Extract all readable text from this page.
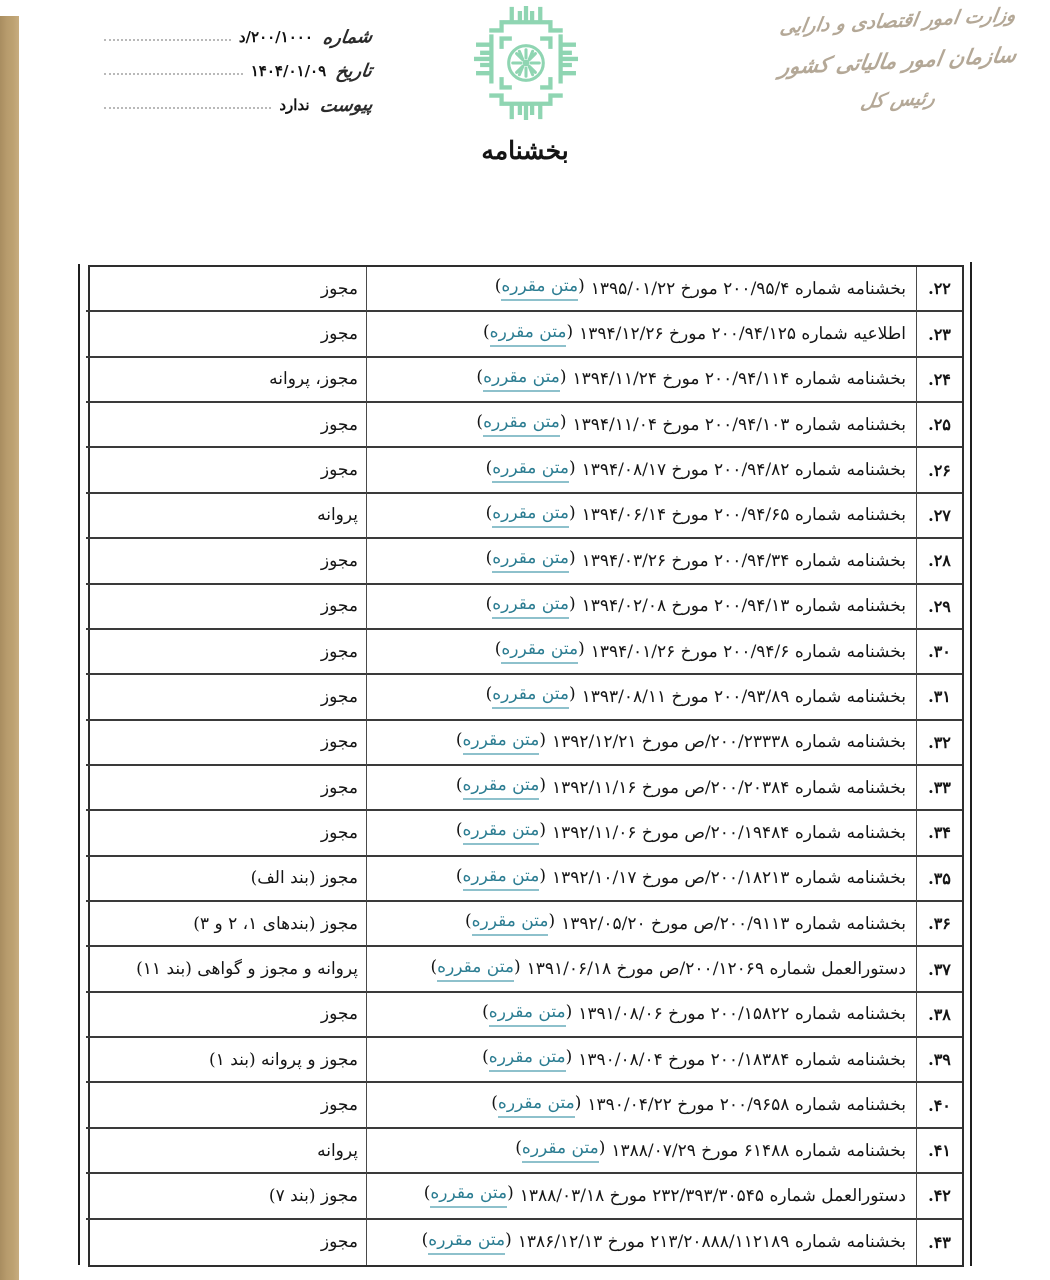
وزارت امور اقتصادی و دارایی
سازمان امور مالیاتی کشور
رئیس کل
شماره
۲۰۰/۱۰۰۰/د
تاریخ
۱۴۰۴/۰۱/۰۹
پیوست
ندارد
بخشنامه
۲۲.
بخشنامه شماره ۲۰۰/۹۵/۴ مورخ ۱۳۹۵/۰۱/۲۲
(
متن مقرره
)
مجوز
۲۳.
اطلاعیه شماره ۲۰۰/۹۴/۱۲۵ مورخ ۱۳۹۴/۱۲/۲۶
(
متن مقرره
)
مجوز
۲۴.
بخشنامه شماره ۲۰۰/۹۴/۱۱۴ مورخ ۱۳۹۴/۱۱/۲۴
(
متن مقرره
)
مجوز، پروانه
۲۵.
بخشنامه شماره ۲۰۰/۹۴/۱۰۳ مورخ ۱۳۹۴/۱۱/۰۴
(
متن مقرره
)
مجوز
۲۶.
بخشنامه شماره ۲۰۰/۹۴/۸۲ مورخ ۱۳۹۴/۰۸/۱۷
(
متن مقرره
)
مجوز
۲۷.
بخشنامه شماره ۲۰۰/۹۴/۶۵ مورخ ۱۳۹۴/۰۶/۱۴
(
متن مقرره
)
پروانه
۲۸.
بخشنامه شماره ۲۰۰/۹۴/۳۴ مورخ ۱۳۹۴/۰۳/۲۶
(
متن مقرره
)
مجوز
۲۹.
بخشنامه شماره ۲۰۰/۹۴/۱۳ مورخ ۱۳۹۴/۰۲/۰۸
(
متن مقرره
)
مجوز
۳۰.
بخشنامه شماره ۲۰۰/۹۴/۶ مورخ ۱۳۹۴/۰۱/۲۶
(
متن مقرره
)
مجوز
۳۱.
بخشنامه شماره ۲۰۰/۹۳/۸۹ مورخ ۱۳۹۳/۰۸/۱۱
(
متن مقرره
)
مجوز
۳۲.
بخشنامه شماره ۲۰۰/۲۳۳۳۸/ص مورخ ۱۳۹۲/۱۲/۲۱
(
متن مقرره
)
مجوز
۳۳.
بخشنامه شماره ۲۰۰/۲۰۳۸۴/ص مورخ ۱۳۹۲/۱۱/۱۶
(
متن مقرره
)
مجوز
۳۴.
بخشنامه شماره ۲۰۰/۱۹۴۸۴/ص مورخ ۱۳۹۲/۱۱/۰۶
(
متن مقرره
)
مجوز
۳۵.
بخشنامه شماره ۲۰۰/۱۸۲۱۳/ص مورخ ۱۳۹۲/۱۰/۱۷
(
متن مقرره
)
مجوز (بند الف)
۳۶.
بخشنامه شماره ۲۰۰/۹۱۱۳/ص مورخ ۱۳۹۲/۰۵/۲۰
(
متن مقرره
)
مجوز (بندهای ۱، ۲ و ۳)
۳۷.
دستورالعمل شماره ۲۰۰/۱۲۰۶۹/ص مورخ ۱۳۹۱/۰۶/۱۸
(
متن مقرره
)
پروانه و مجوز و گواهی (بند ۱۱)
۳۸.
بخشنامه شماره ۲۰۰/۱۵۸۲۲ مورخ ۱۳۹۱/۰۸/۰۶
(
متن مقرره
)
مجوز
۳۹.
بخشنامه شماره ۲۰۰/۱۸۳۸۴ مورخ ۱۳۹۰/۰۸/۰۴
(
متن مقرره
)
مجوز و پروانه (بند ۱)
۴۰.
بخشنامه شماره ۲۰۰/۹۶۵۸ مورخ ۱۳۹۰/۰۴/۲۲
(
متن مقرره
)
مجوز
۴۱.
بخشنامه شماره ۶۱۴۸۸ مورخ ۱۳۸۸/۰۷/۲۹
(
متن مقرره
)
پروانه
۴۲.
دستورالعمل شماره ۲۳۲/۳۹۳/۳۰۵۴۵ مورخ ۱۳۸۸/۰۳/۱۸
(
متن مقرره
)
مجوز (بند ۷)
۴۳.
بخشنامه شماره ۲۱۳/۲۰۸۸۸/۱۱۲۱۸۹ مورخ ۱۳۸۶/۱۲/۱۳
(
متن مقرره
)
مجوز
